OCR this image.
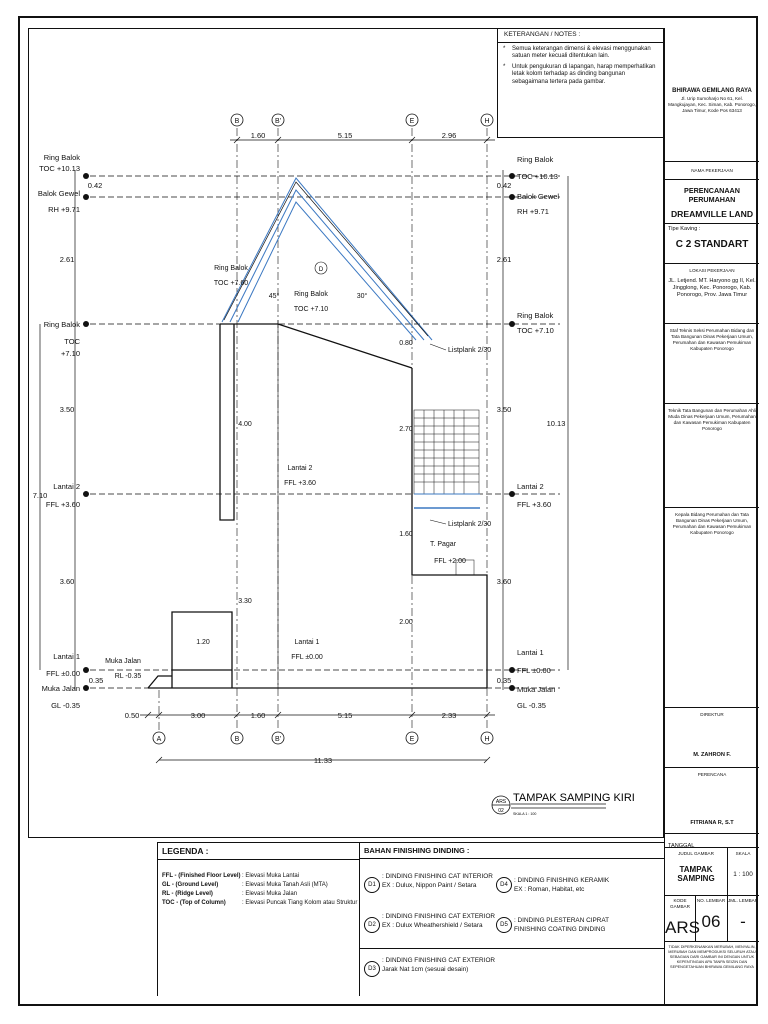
KETERANGAN / NOTES :
* Semua keterangan dimensi & elevasi menggunakan satuan meter kecuali ditentukan lain.
* Untuk pengukuran di lapangan, harap memperhatikan letak kolom terhadap as dinding bangunan sebagaimana tertera pada gambar.
B	B'	E	H
A	B	B'	E	H
1.60	5.15	2.96
0.50	3.00	1.60	5.15	2.33
11.33
0.42
2.61
3.50
3.60
0.35
7.10
0.42
2.61
3.50
3.60
0.35
10.13
Ring Balok
TOC +10.13
Balok Gewel
RH +9.71
Ring Balok
TOC
+7.10
Lantai 2
FFL +3.60
Lantai 1
FFL ±0.00
Muka Jalan
GL -0.35
Ring Balok
TOC +10.13
Balok Gewel
RH +9.71
Ring Balok
TOC +7.10
Lantai 2
FFL +3.60
Lantai 1
FFL ±0.00
Muka Jalan
GL -0.35
Ring Balok
TOC +7.60
Ring Balok
TOC +7.10
45°	30°
4.00
3.30
1.20
0.80
2.70
1.60
2.00
Lantai 2
FFL +3.60
Lantai 1
FFL ±0.00
T. Pagar
FFL +2.00
Muka Jalan
RL -0.35
Listplank 2/30
Listplank 2/30
D
ARS
02
TAMPAK SAMPING KIRI
SKALA 1 : 100
BHIRAWA GEMILANG RAYA
Jl. Urip Sumoharjo No 61, Kel. Mangkujayan, Kec. Siman, Kab. Ponorogo, Jawa Timur, Kode Pos 63413
NAMA PEKERJAAN
PERENCANAAN PERUMAHAN
DREAMVILLE LAND
Tipe Kaving :
C 2 STANDART
LOKASI PEKERJAAN
JL. Letjend. MT. Haryono gg II, Kel. Jingglong, Kec. Ponorogo, Kab. Ponorogo, Prov. Jawa Timur
Staf Teknis Seksi Perumahan Bidang dan Tata Bangunan Dinas Pekerjaan Umum, Perumahan dan Kawasan Pemukiman Kabupaten Ponorogo
Teknik Tata Bangunan dan Perumahan Ahli Muda Dinas Pekerjaan Umum, Perumahan dan Kawasan Pemukiman Kabupaten Ponorogo
Kepala Bidang Perumahan dan Tata Bangunan Dinas Pekerjaan Umum, Perumahan dan Kawasan Pemukiman Kabupaten Ponorogo
DIREKTUR
M. ZAHRON F.
PERENCANA
FITRIANA R, S.T
TANGGAL
JUDUL GAMBAR
TAMPAK
SAMPING
SKALA
1 : 100
KODE GAMBAR
ARS
NO. LEMBAR
06
JML. LEMBAR
-
TIDAK DIPERKENANKAN MERUBAH, MENYALIN, MERUBAH DAN MEMPRODUKSI SELURUH ATAU SEBAGIAN DARI GAMBAR INI DENGAN UNTUK KEPENTINGAN APA TANPA SEIZIN DAN SEPENGETAHUAN BHIRAWA GEMILANG RAYA
LEGENDA :
FFL - (Finished Floor Level) : Elevasi Muka Lantai
GL - (Ground Level)	: Elevasi Muka Tanah Asli (MTA)
RL - (Ridge Level)	: Elevasi Muka Jalan
TOC - (Top of Column)	: Elevasi Puncak Tiang Kolom atau Struktur
BAHAN FINISHING DINDING :
D1
: DINDING FINISHING CAT INTERIOR
EX : Dulux, Nippon Paint / Setara
D2
: DINDING FINISHING CAT EXTERIOR
EX : Dulux Wheathershield / Setara
D3
: DINDING FINISHING CAT EXTERIOR
Jarak Nat 1cm (sesuai desain)
D4
: DINDING FINISHING KERAMIK
EX : Roman, Habitat, etc
D5
: DINDING PLESTERAN CIPRAT
FINISHING COATING DINDING
